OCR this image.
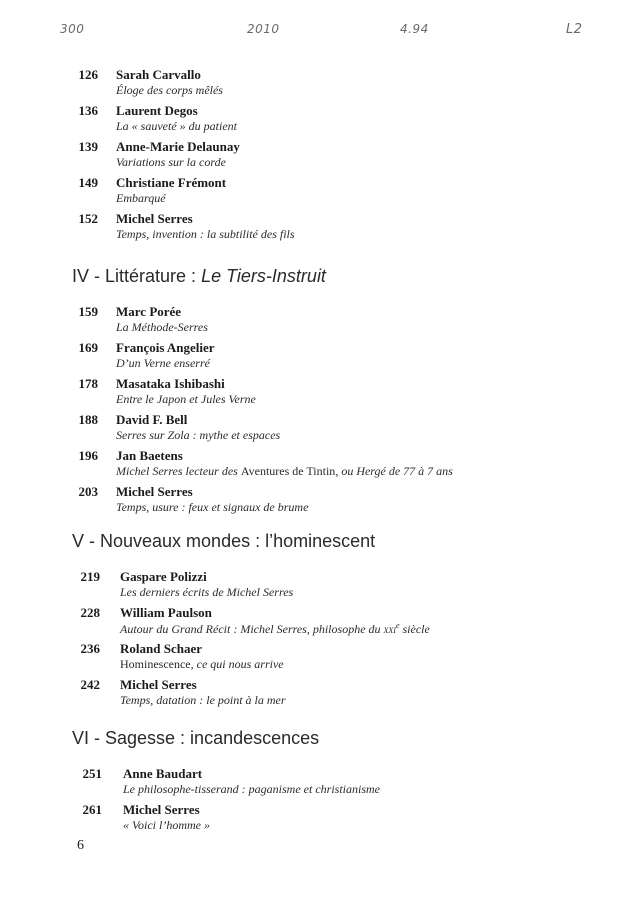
300	2010	4.94	L2
126 Sarah Carvallo
Éloge des corps mêlés
136 Laurent Degos
La « sauveté » du patient
139 Anne-Marie Delaunay
Variations sur la corde
149 Christiane Frémont
Embarqué
152 Michel Serres
Temps, invention : la subtilité des fils
IV - Littérature : Le Tiers-Instruit
159 Marc Porée
La Méthode-Serres
169 François Angelier
D’un Verne enserré
178 Masataka Ishibashi
Entre le Japon et Jules Verne
188 David F. Bell
Serres sur Zola : mythe et espaces
196 Jan Baetens
Michel Serres lecteur des Aventures de Tintin, ou Hergé de 77 à 7 ans
203 Michel Serres
Temps, usure : feux et signaux de brume
V - Nouveaux mondes : l’hominescent
219 Gaspare Polizzi
Les derniers écrits de Michel Serres
228 William Paulson
Autour du Grand Récit : Michel Serres, philosophe du xxi$^e$ siècle
236 Roland Schaer
Hominescence, ce qui nous arrive
242 Michel Serres
Temps, datation : le point à la mer
VI - Sagesse : incandescences
251 Anne Baudart
Le philosophe-tisserand : paganisme et christianisme
261 Michel Serres
« Voici l’homme »
6
